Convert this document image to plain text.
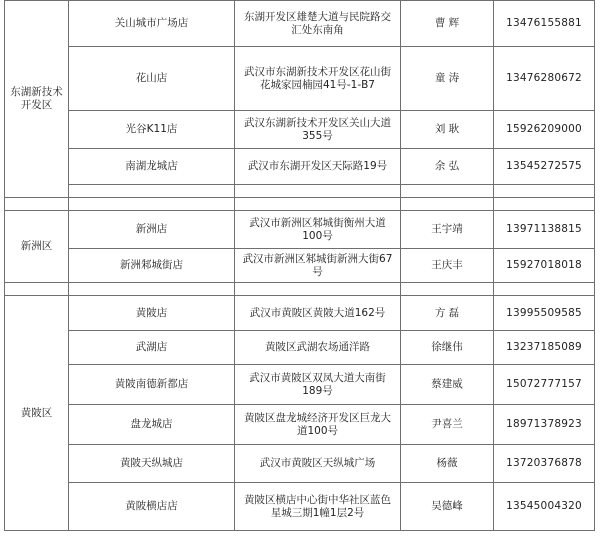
东湖新技术
开发区	关山城市广场店	东湖开发区雄楚大道与民院路交
汇处东南角	曹 辉	13476155881
	花山店	武汉市东湖新技术开发区花山街
花城家园楠园41号-1-B7	童 涛	13476280672
	光谷K11店	武汉东湖新技术开发区关山大道
355号	刘 耿	15926209000
	南湖龙城店	武汉市东湖开发区天际路19号	余 弘	13545272575

新洲区	新洲店	武汉市新洲区邾城街衡州大道
100号	王宇靖	13971138815
	新洲邾城街店	武汉市新洲区邾城街新洲大街67
号	王庆丰	15927018018

黄陂区	黄陂店	武汉市黄陂区黄陂大道162号	方 磊	13995509585
	武湖店	黄陂区武湖农场通洋路	徐继伟	13237185089
	黄陂南德新都店	武汉市黄陂区双凤大道大南街
189号	蔡建威	15072777157
	盘龙城店	黄陂区盘龙城经济开发区巨龙大
道100号	尹喜兰	18971378923
	黄陂天纵城店	武汉市黄陂区天纵城广场	杨薇	13720376878
	黄陂横店店	黄陂区横店中心街中华社区蓝色
星城三期1幢1层2号	吴德峰	13545004320
